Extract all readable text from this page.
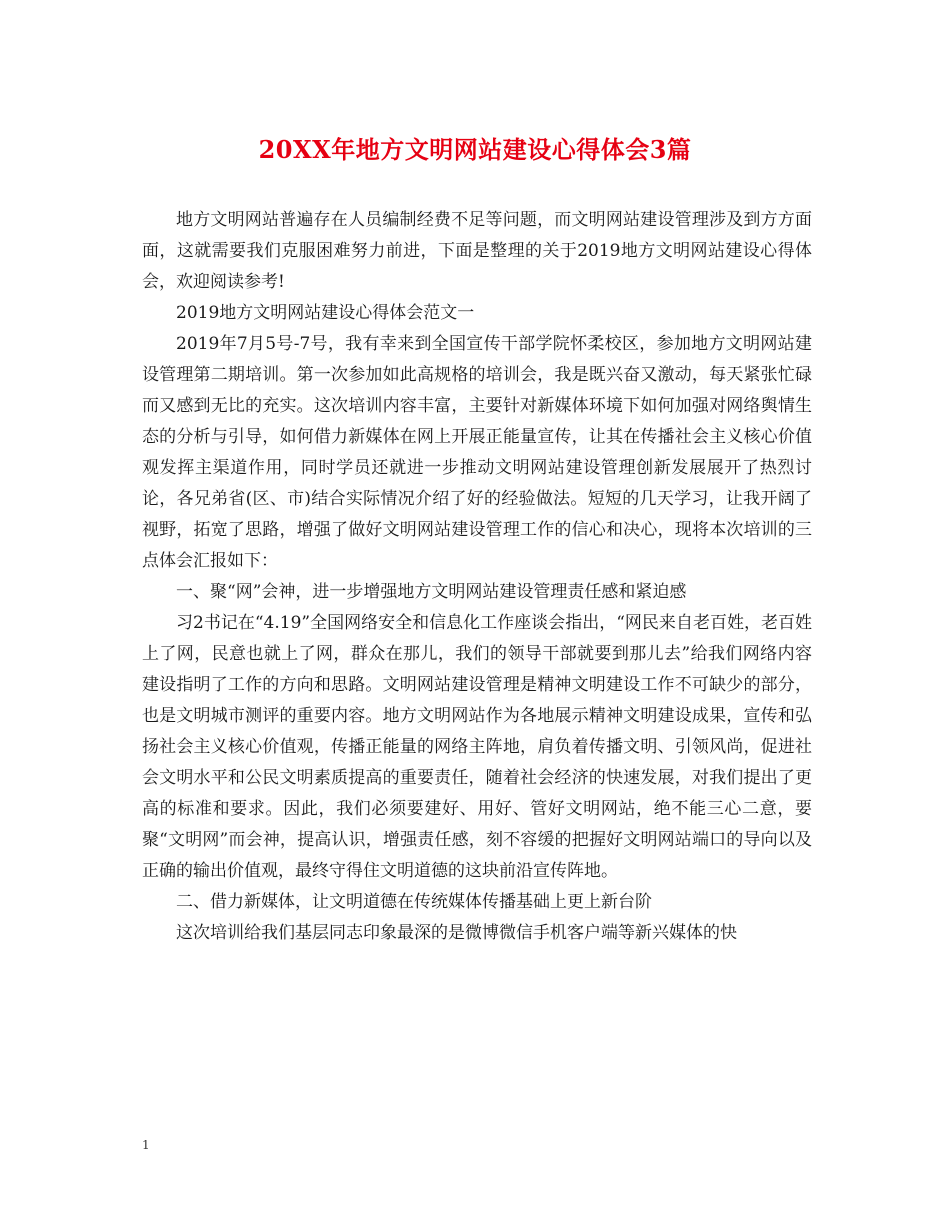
20XX年地方文明网站建设心得体会3篇

地方文明网站普遍存在人员编制经费不足等问题，而文明网站建设管理涉及到方方面面，这就需要我们克服困难努力前进，下面是整理的关于2019地方文明网站建设心得体会，欢迎阅读参考!

2019地方文明网站建设心得体会范文一

2019年7月5号-7号，我有幸来到全国宣传干部学院怀柔校区，参加地方文明网站建设管理第二期培训。第一次参加如此高规格的培训会，我是既兴奋又激动，每天紧张忙碌而又感到无比的充实。这次培训内容丰富，主要针对新媒体环境下如何加强对网络舆情生态的分析与引导，如何借力新媒体在网上开展正能量宣传，让其在传播社会主义核心价值观发挥主渠道作用，同时学员还就进一步推动文明网站建设管理创新发展展开了热烈讨论，各兄弟省(区、市)结合实际情况介绍了好的经验做法。短短的几天学习，让我开阔了视野，拓宽了思路，增强了做好文明网站建设管理工作的信心和决心，现将本次培训的三点体会汇报如下：

一、聚“网”会神，进一步增强地方文明网站建设管理责任感和紧迫感

习2书记在“4.19”全国网络安全和信息化工作座谈会指出，“网民来自老百姓，老百姓上了网，民意也就上了网，群众在那儿，我们的领导干部就要到那儿去”给我们网络内容建设指明了工作的方向和思路。文明网站建设管理是精神文明建设工作不可缺少的部分，也是文明城市测评的重要内容。地方文明网站作为各地展示精神文明建设成果，宣传和弘扬社会主义核心价值观，传播正能量的网络主阵地，肩负着传播文明、引领风尚，促进社会文明水平和公民文明素质提高的重要责任，随着社会经济的快速发展，对我们提出了更高的标准和要求。因此，我们必须要建好、用好、管好文明网站，绝不能三心二意，要聚“文明网”而会神，提高认识，增强责任感，刻不容缓的把握好文明网站端口的导向以及正确的输出价值观，最终守得住文明道德的这块前沿宣传阵地。

二、借力新媒体，让文明道德在传统媒体传播基础上更上新台阶

这次培训给我们基层同志印象最深的是微博微信手机客户端等新兴媒体的快

1
